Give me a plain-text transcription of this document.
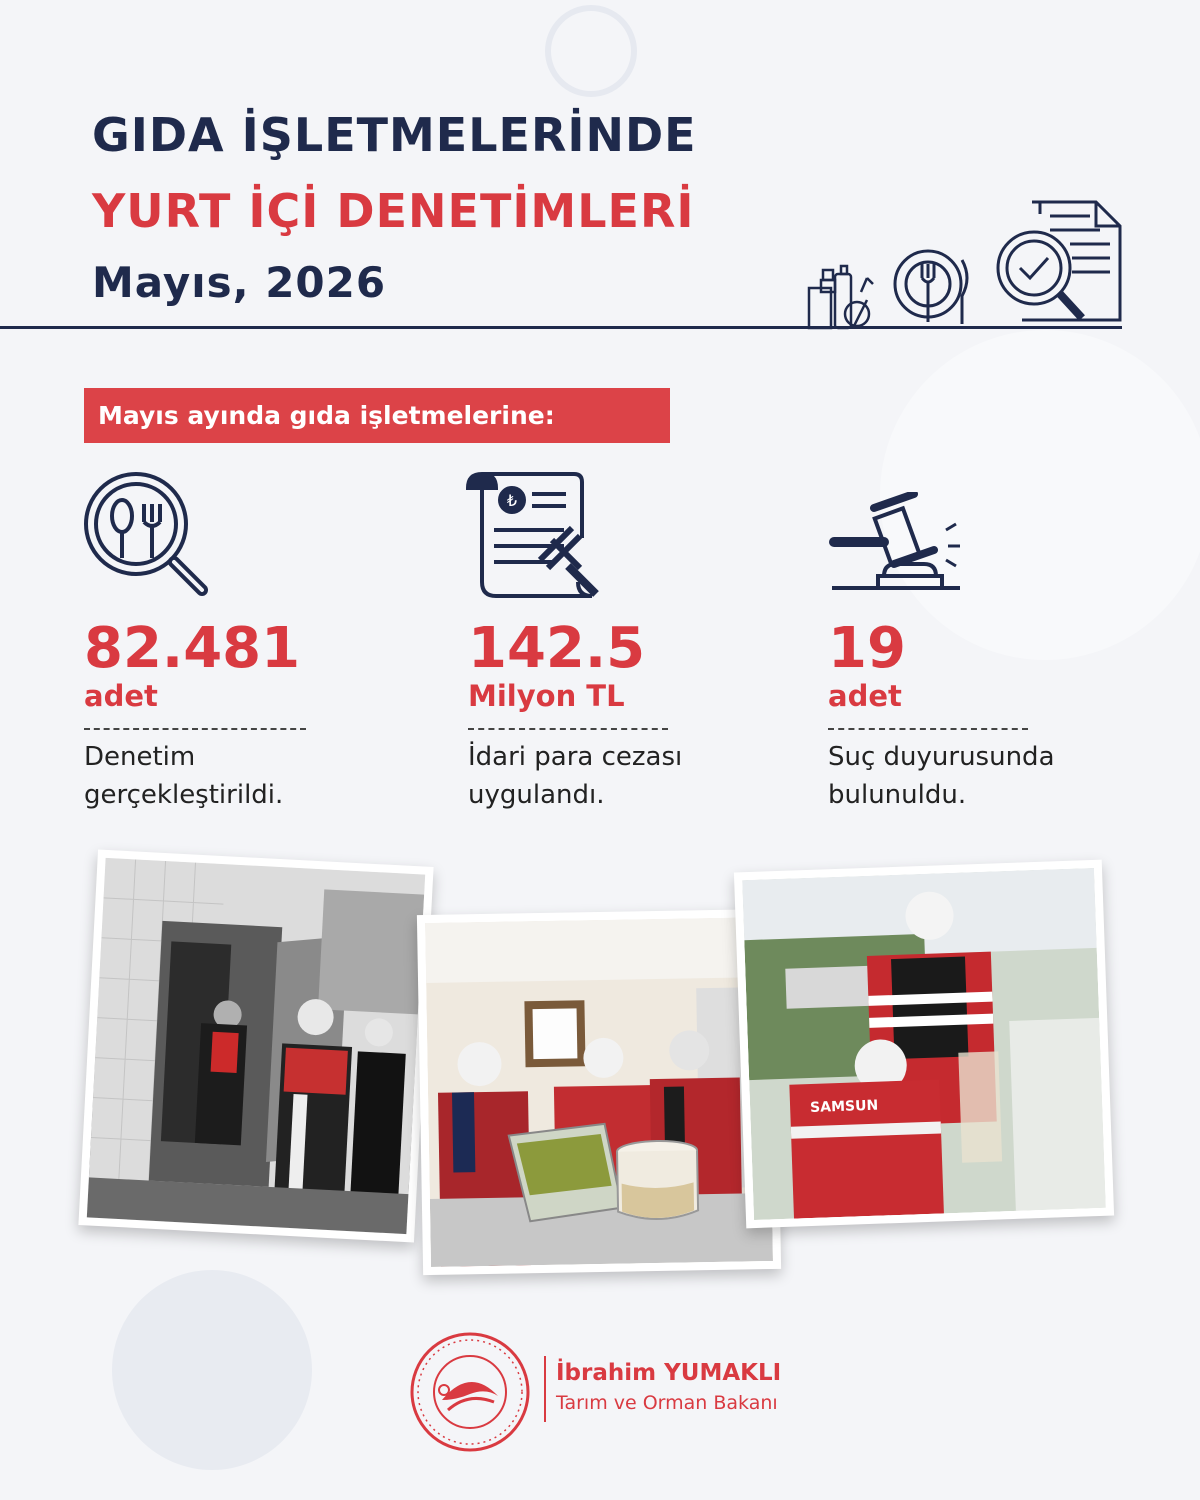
GIDA İŞLETMELERİNDE
YURT İÇİ DENETİMLERİ
Mayıs, 2026
Mayıs ayında gıda işletmelerine:
₺
82.481
adet
Denetim
gerçekleştirildi.
142.5
Milyon TL
İdari para cezası
uygulandı.
19
adet
Suç duyurusunda
bulunuldu.
SAMSUN
İbrahim YUMAKLI
Tarım ve Orman Bakanı
